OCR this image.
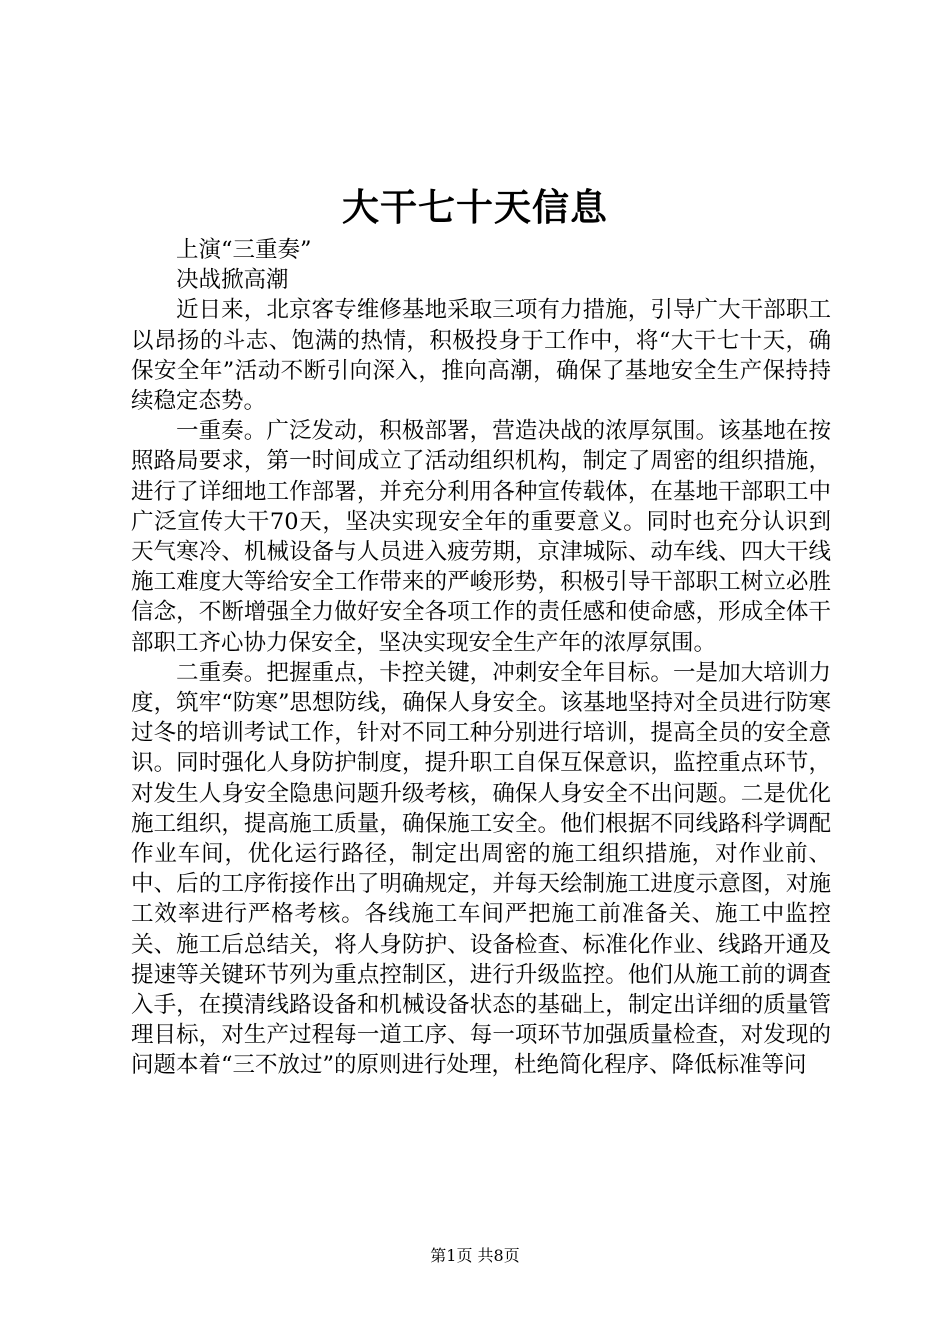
大干七十天信息

上演“三重奏”

决战掀高潮

近日来，北京客专维修基地采取三项有力措施，引导广大干部职工以昂扬的斗志、饱满的热情，积极投身于工作中，将“大干七十天，确保安全年”活动不断引向深入，推向高潮，确保了基地安全生产保持持续稳定态势。

一重奏。广泛发动，积极部署，营造决战的浓厚氛围。该基地在按照路局要求，第一时间成立了活动组织机构，制定了周密的组织措施，进行了详细地工作部署，并充分利用各种宣传载体，在基地干部职工中广泛宣传大干70天，坚决实现安全年的重要意义。同时也充分认识到天气寒冷、机械设备与人员进入疲劳期，京津城际、动车线、四大干线施工难度大等给安全工作带来的严峻形势，积极引导干部职工树立必胜信念，不断增强全力做好安全各项工作的责任感和使命感，形成全体干部职工齐心协力保安全，坚决实现安全生产年的浓厚氛围。

二重奏。把握重点，卡控关键，冲刺安全年目标。一是加大培训力度，筑牢“防寒”思想防线，确保人身安全。该基地坚持对全员进行防寒过冬的培训考试工作，针对不同工种分别进行培训，提高全员的安全意识。同时强化人身防护制度，提升职工自保互保意识，监控重点环节，对发生人身安全隐患问题升级考核，确保人身安全不出问题。二是优化施工组织，提高施工质量，确保施工安全。他们根据不同线路科学调配作业车间，优化运行路径，制定出周密的施工组织措施，对作业前、中、后的工序衔接作出了明确规定，并每天绘制施工进度示意图，对施工效率进行严格考核。各线施工车间严把施工前准备关、施工中监控关、施工后总结关，将人身防护、设备检查、标准化作业、线路开通及提速等关键环节列为重点控制区，进行升级监控。他们从施工前的调查入手，在摸清线路设备和机械设备状态的基础上，制定出详细的质量管理目标，对生产过程每一道工序、每一项环节加强质量检查，对发现的问题本着“三不放过”的原则进行处理，杜绝简化程序、降低标准等问

第1页 共8页
